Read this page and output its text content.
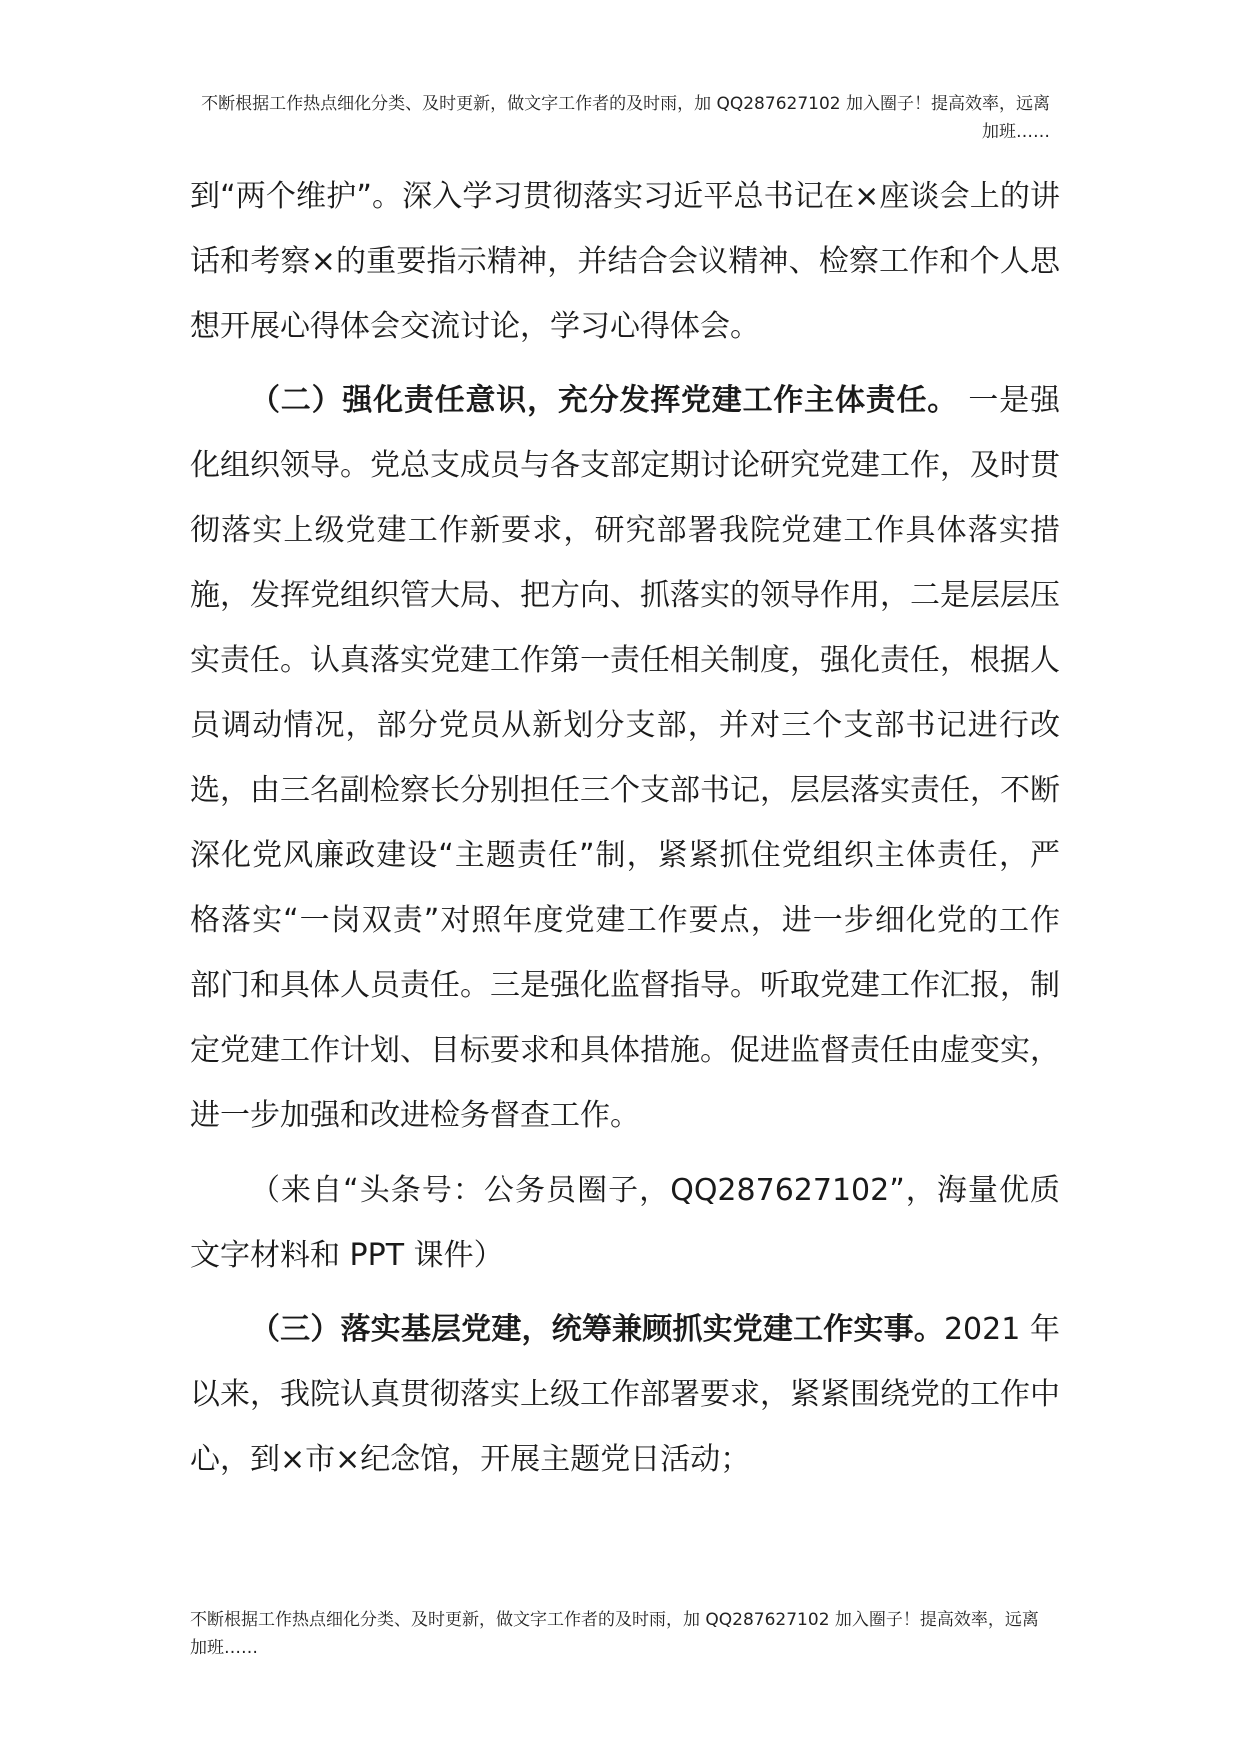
不断根据工作热点细化分类、及时更新，做文字工作者的及时雨，加 QQ287627102 加入圈子！提高效率，远离加班……

到“两个维护”。深入学习贯彻落实习近平总书记在×座谈会上的讲话和考察×的重要指示精神，并结合会议精神、检察工作和个人思想开展心得体会交流讨论，学习心得体会。

（二）强化责任意识，充分发挥党建工作主体责任。 一是强化组织领导。党总支成员与各支部定期讨论研究党建工作，及时贯彻落实上级党建工作新要求，研究部署我院党建工作具体落实措施，发挥党组织管大局、把方向、抓落实的领导作用，二是层层压实责任。认真落实党建工作第一责任相关制度，强化责任，根据人员调动情况，部分党员从新划分支部，并对三个支部书记进行改选，由三名副检察长分别担任三个支部书记，层层落实责任，不断深化党风廉政建设“主题责任”制，紧紧抓住党组织主体责任，严格落实“一岗双责”对照年度党建工作要点，进一步细化党的工作部门和具体人员责任。三是强化监督指导。听取党建工作汇报，制定党建工作计划、目标要求和具体措施。促进监督责任由虚变实，进一步加强和改进检务督查工作。

（来自“头条号：公务员圈子，QQ287627102”，海量优质文字材料和 PPT 课件）

（三）落实基层党建，统筹兼顾抓实党建工作实事。2021 年以来，我院认真贯彻落实上级工作部署要求，紧紧围绕党的工作中心，到×市×纪念馆，开展主题党日活动；

不断根据工作热点细化分类、及时更新，做文字工作者的及时雨，加 QQ287627102 加入圈子！提高效率，远离加班……
